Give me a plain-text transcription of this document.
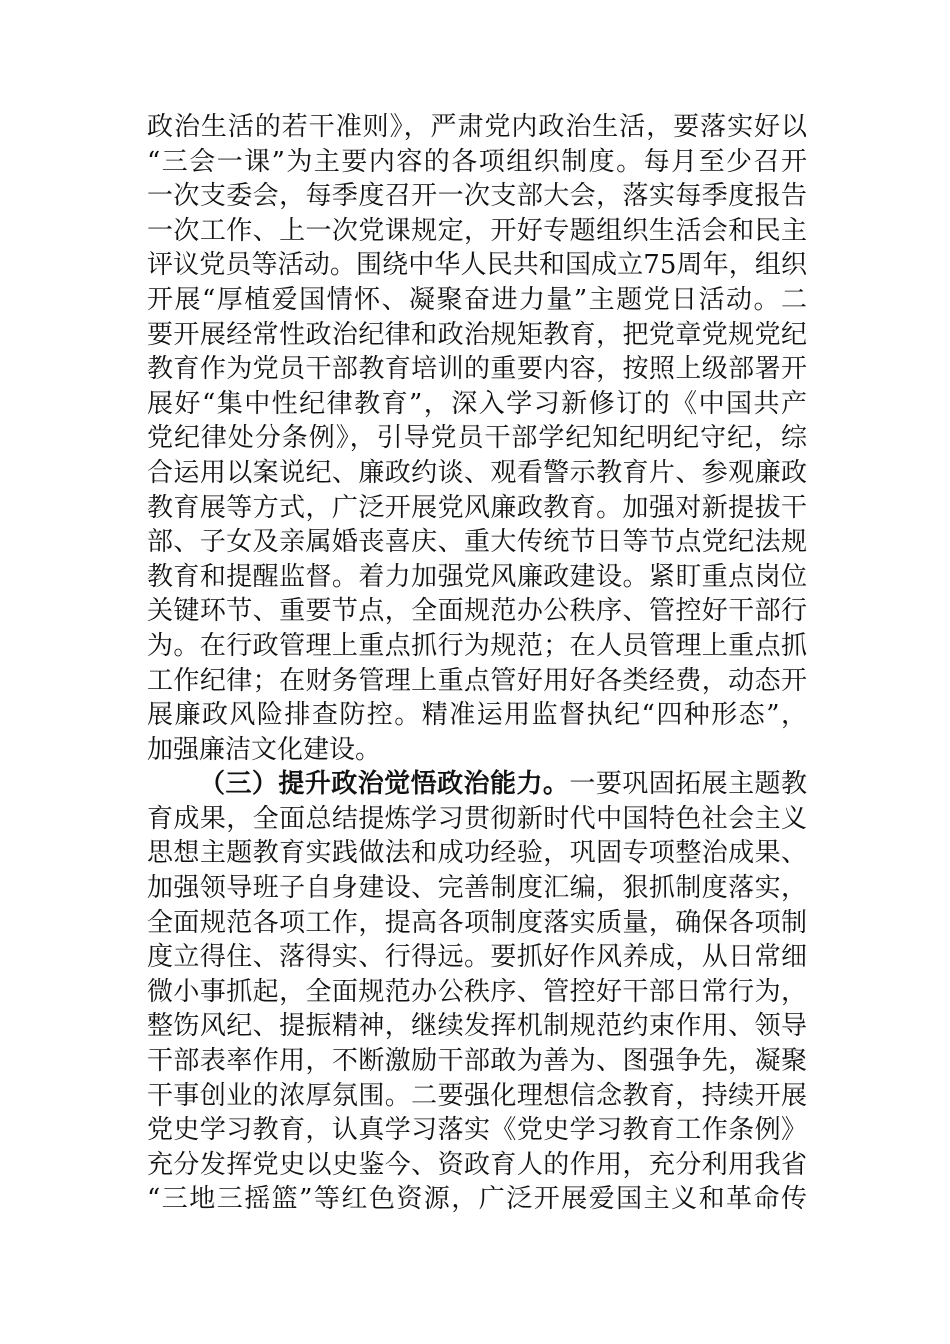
政治生活的若干准则》，严肃党内政治生活，要落实好以
“三会一课”为主要内容的各项组织制度。每月至少召开
一次支委会，每季度召开一次支部大会，落实每季度报告
一次工作、上一次党课规定，开好专题组织生活会和民主
评议党员等活动。围绕中华人民共和国成立75周年，组织
开展“厚植爱国情怀、凝聚奋进力量”主题党日活动。二
要开展经常性政治纪律和政治规矩教育，把党章党规党纪
教育作为党员干部教育培训的重要内容，按照上级部署开
展好“集中性纪律教育”，深入学习新修订的《中国共产
党纪律处分条例》，引导党员干部学纪知纪明纪守纪，综
合运用以案说纪、廉政约谈、观看警示教育片、参观廉政
教育展等方式，广泛开展党风廉政教育。加强对新提拔干
部、子女及亲属婚丧喜庆、重大传统节日等节点党纪法规
教育和提醒监督。着力加强党风廉政建设。紧盯重点岗位
关键环节、重要节点，全面规范办公秩序、管控好干部行
为。在行政管理上重点抓行为规范；在人员管理上重点抓
工作纪律；在财务管理上重点管好用好各类经费，动态开
展廉政风险排查防控。精准运用监督执纪“四种形态”，
加强廉洁文化建设。
（三）提升政治觉悟政治能力。一要巩固拓展主题教
育成果，全面总结提炼学习贯彻新时代中国特色社会主义
思想主题教育实践做法和成功经验，巩固专项整治成果、
加强领导班子自身建设、完善制度汇编，狠抓制度落实，
全面规范各项工作，提高各项制度落实质量，确保各项制
度立得住、落得实、行得远。要抓好作风养成，从日常细
微小事抓起，全面规范办公秩序、管控好干部日常行为，
整饬风纪、提振精神，继续发挥机制规范约束作用、领导
干部表率作用，不断激励干部敢为善为、图强争先，凝聚
干事创业的浓厚氛围。二要强化理想信念教育，持续开展
党史学习教育，认真学习落实《党史学习教育工作条例》
充分发挥党史以史鉴今、资政育人的作用，充分利用我省
“三地三摇篮”等红色资源，广泛开展爱国主义和革命传
